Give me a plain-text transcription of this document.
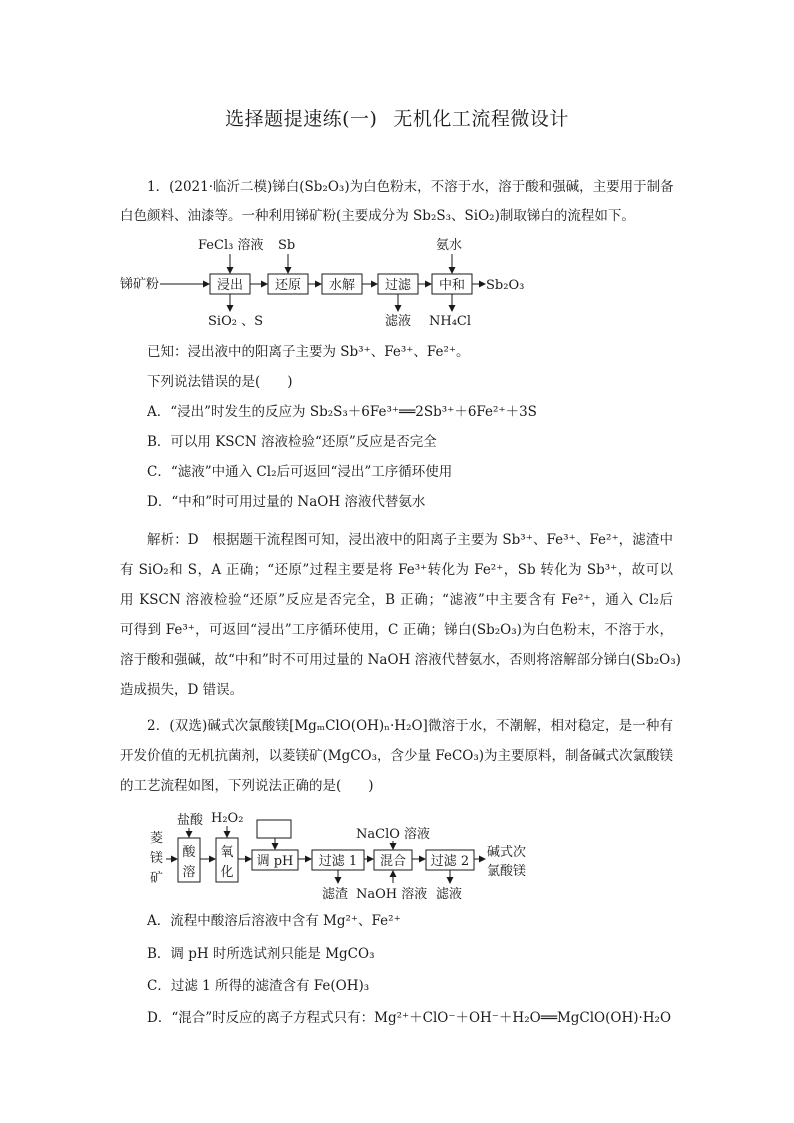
选择题提速练(一) 无机化工流程微设计
1．(2021·临沂二模)锑白(Sb₂O₃)为白色粉末，不溶于水，溶于酸和强碱，主要用于制备
白色颜料、油漆等。一种利用锑矿粉(主要成分为 Sb₂S₃、SiO₂)制取锑白的流程如下。
锑矿粉	浸出 还原 水解 过滤 中和 Sb₂O₃
FeCl₃ 溶液 Sb	氨水
SiO₂ 、S	滤液 NH₄Cl
已知：浸出液中的阳离子主要为 Sb³⁺、Fe³⁺、Fe²⁺。
下列说法错误的是(　　)
A．“浸出”时发生的反应为 Sb₂S₃＋6Fe³⁺══2Sb³⁺＋6Fe²⁺＋3S
B．可以用 KSCN 溶液检验“还原”反应是否完全
C．“滤液”中通入 Cl₂后可返回“浸出”工序循环使用
D．“中和”时可用过量的 NaOH 溶液代替氨水
解析：D　根据题干流程图可知，浸出液中的阳离子主要为 Sb³⁺、Fe³⁺、Fe²⁺，滤渣中
有 SiO₂和 S，A 正确；“还原”过程主要是将 Fe³⁺转化为 Fe²⁺，Sb 转化为 Sb³⁺，故可以
用 KSCN 溶液检验“还原”反应是否完全，B 正确；“滤液”中主要含有 Fe²⁺，通入 Cl₂后
可得到 Fe³⁺，可返回“浸出”工序循环使用，C 正确；锑白(Sb₂O₃)为白色粉末，不溶于水，
溶于酸和强碱，故“中和”时不可用过量的 NaOH 溶液代替氨水，否则将溶解部分锑白(Sb₂O₃)
造成损失，D 错误。
2．(双选)碱式次氯酸镁[MgₘClO(OH)ₙ·H₂O]微溶于水，不潮解，相对稳定，是一种有
开发价值的无机抗菌剂，以菱镁矿(MgCO₃，含少量 FeCO₃)为主要原料，制备碱式次氯酸镁
的工艺流程如图，下列说法正确的是(　　)
菱
镁
矿
酸
溶
氧
化
调 pH 过滤 1 混合 过滤 2
碱式次
氯酸镁
盐酸 H₂O₂
NaClO 溶液
滤渣 NaOH 溶液 滤液
A．流程中酸溶后溶液中含有 Mg²⁺、Fe²⁺
B．调 pH 时所选试剂只能是 MgCO₃
C．过滤 1 所得的滤渣含有 Fe(OH)₃
D．“混合”时反应的离子方程式只有：Mg²⁺＋ClO⁻＋OH⁻＋H₂O══MgClO(OH)·H₂O
